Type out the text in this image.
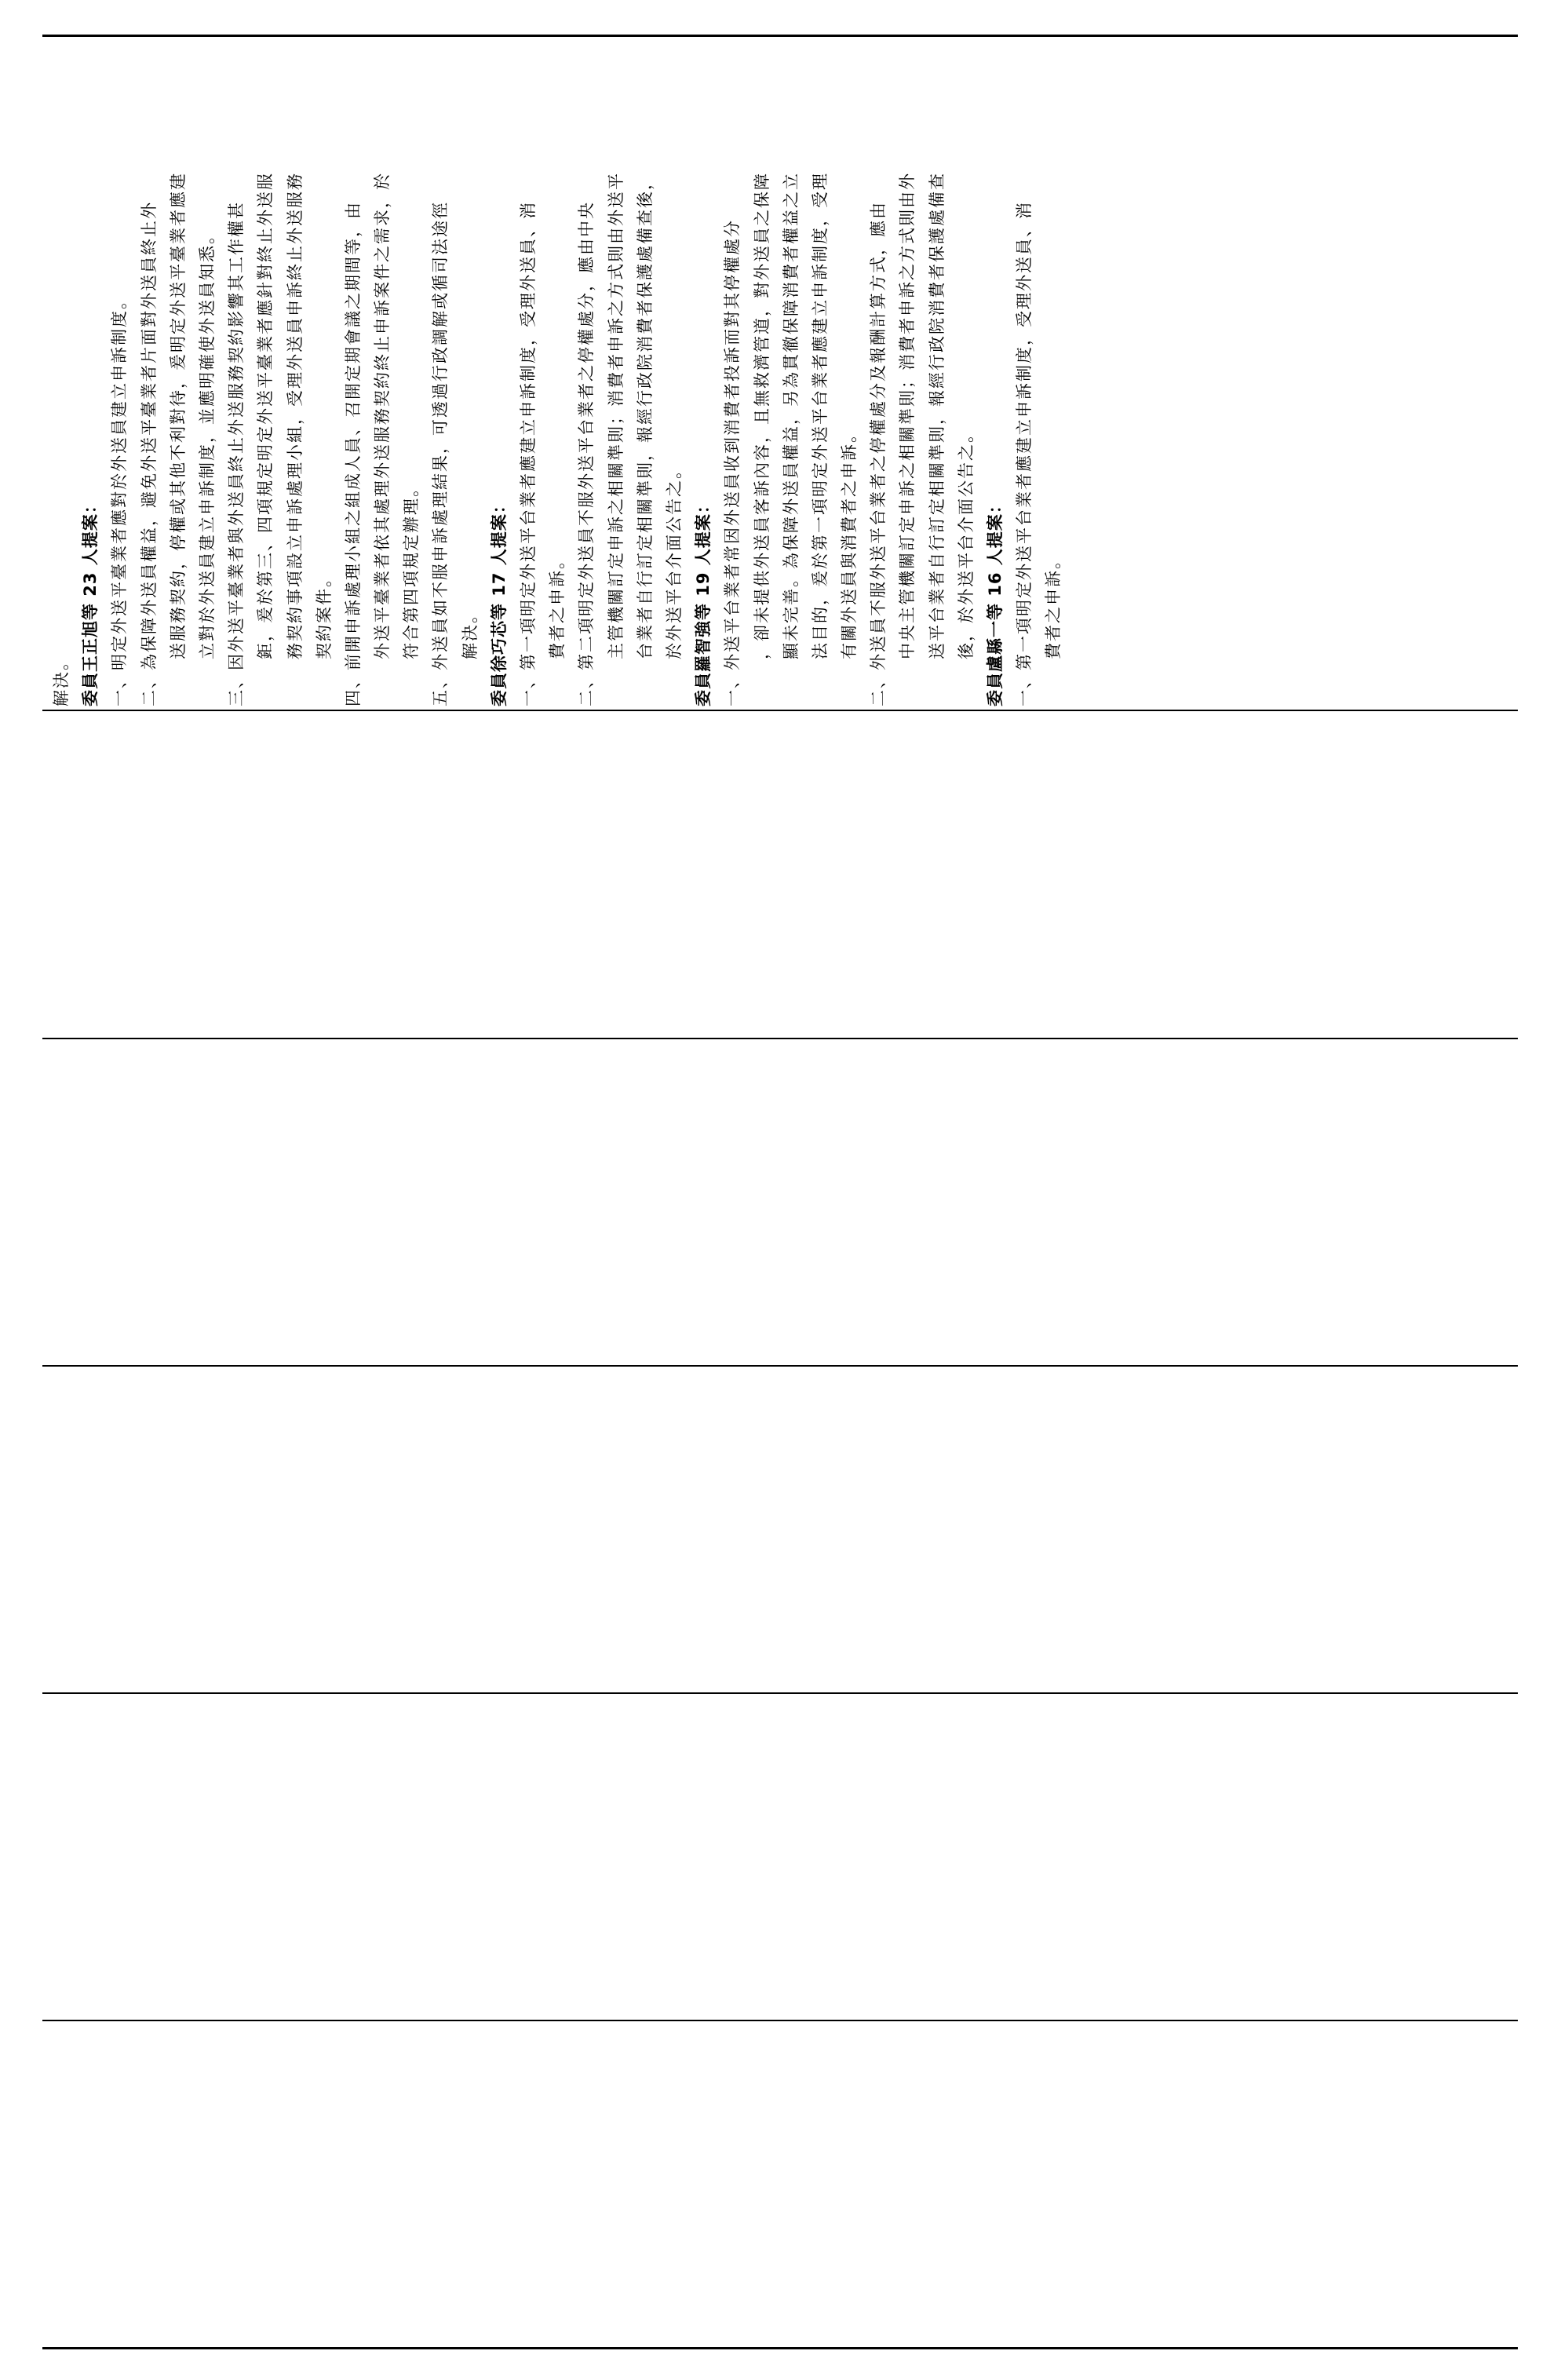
解決。 委員王正旭等 23 人提案： 一、明定外送平臺業者應對於外送員建立申訴制度。 二、為保障外送員權益，避免外送平臺業者片面對外送員終止外 送服務契約，停權或其他不利對待，爰明定外送平臺業者應建 立對於外送員建立申訴制度，並應明確使外送員知悉。 三、因外送平臺業者與外送員終止外送服務契約影響其工作權甚 鉅，爰於第三、四項規定明定外送平臺業者應針對終止外送服 務契約事項設立申訴處理小組，受理外送員申訴終止外送服務 契約案件。 四、前開申訴處理小組之組成人員、召開定期會議之期間等，由 外送平臺業者依其處理外送服務契約終止申訴案件之需求，於 符合第四項規定辦理。 五、外送員如不服申訴處理結果，可透過行政調解或循司法途徑 解決。 委員徐巧芯等 17 人提案： 一、第一項明定外送平台業者應建立申訴制度，受理外送員、消 費者之申訴。 二、第二項明定外送員不服外送平台業者之停權處分，應由中央 主管機關訂定申訴之相關準則；消費者申訴之方式則由外送平 台業者自行訂定相關準則，報經行政院消費者保護處備查後， 於外送平台介面公告之。 委員羅智強等 19 人提案： 一、外送平台業者常因外送員收到消費者投訴而對其停權處分 ，卻未提供外送員客訴內容，且無救濟管道，對外送員之保障 顯未完善。為保障外送員權益，另為貫徹保障消費者權益之立 法目的，爰於第一項明定外送平台業者應建立申訴制度，受理 有關外送員與消費者之申訴。 二、外送員不服外送平台業者之停權處分及報酬計算方式，應由 中央主管機關訂定申訴之相關準則；消費者申訴之方式則由外 送平台業者自行訂定相關準則，報經行政院消費者保護處備查 後，於外送平台介面公告之。 委員盧縣一等 16 人提案： 一、第一項明定外送平台業者應建立申訴制度，受理外送員、消 費者之申訴。
